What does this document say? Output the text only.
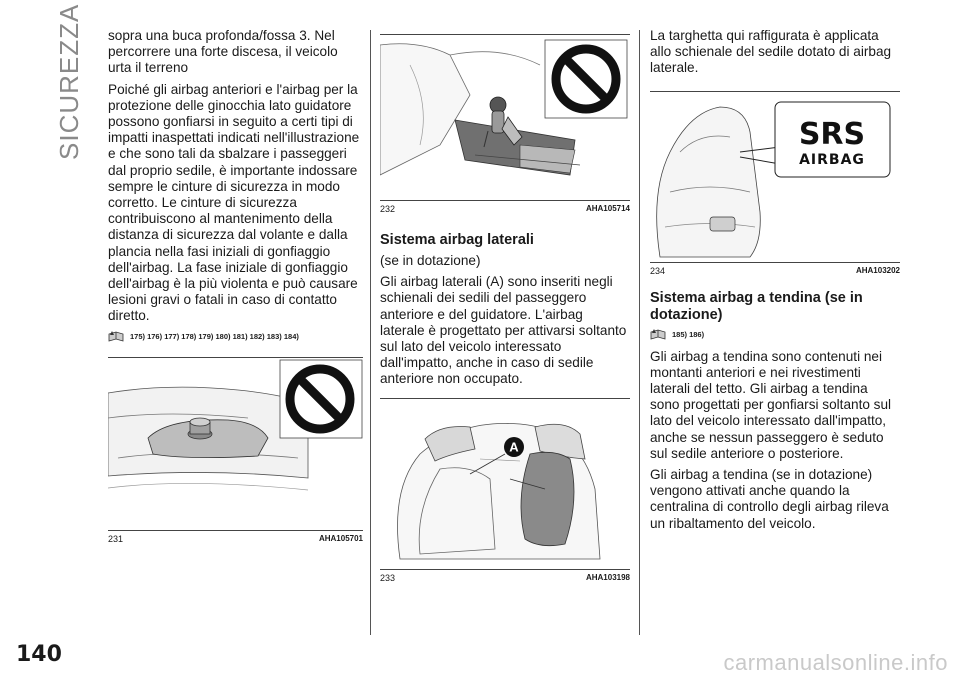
SICUREZZA
140	carmanualsonline.info

sopra una buca profonda/fossa 3. Nel percorrere una forte discesa, il veicolo urta il terreno

Poiché gli airbag anteriori e l'airbag per la protezione delle ginocchia lato guidatore possono gonfiarsi in seguito a certi tipi di impatti inaspettati indicati nell'illustrazione e che sono tali da sbalzare i passeggeri dal proprio sedile, è importante indossare sempre le cinture di sicurezza in modo corretto. Le cinture di sicurezza contribuiscono al mantenimento della distanza di sicurezza dal volante e dalla plancia nella fasi iniziali di gonfiaggio dell'airbag. La fase iniziale di gonfiaggio dell'airbag è la più violenta e può causare lesioni gravi o fatali in caso di contatto diretto.

175) 176) 177) 178) 179) 180) 181) 182) 183) 184)
231	AHA105701
232	AHA105714
Sistema airbag laterali

(se in dotazione)

Gli airbag laterali (A) sono inseriti negli schienali dei sedili del passeggero anteriore e del guidatore. L'airbag laterale è progettato per attivarsi soltanto sul lato del veicolo interessato dall'impatto, anche in caso di sedile anteriore non occupato.

A
233	AHA103198

La targhetta qui raffigurata è applicata allo schienale del sedile dotato di airbag laterale.

SRS
AIRBAG
234	AHA103202
Sistema airbag a tendina (se in dotazione)
185) 186)

Gli airbag a tendina sono contenuti nei montanti anteriori e nei rivestimenti laterali del tetto. Gli airbag a tendina sono progettati per gonfiarsi soltanto sul lato del veicolo interessato dall'impatto, anche se nessun passeggero è seduto sul sedile anteriore o posteriore.

Gli airbag a tendina (se in dotazione) vengono attivati anche quando la centralina di controllo degli airbag rileva un ribaltamento del veicolo.
